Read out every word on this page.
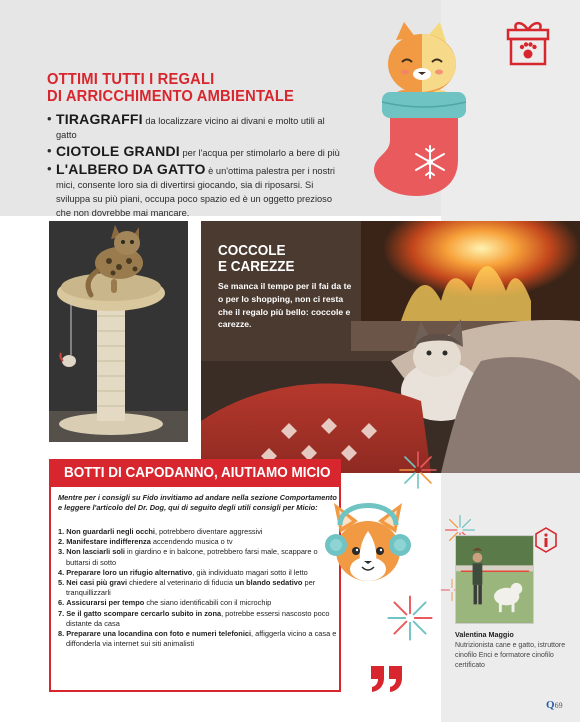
OTTIMI TUTTI I REGALI
DI ARRICCHIMENTO AMBIENTALE
• TIRAGRAFFI da localizzare vicino ai divani e molto utili al gatto
• CIOTOLE GRANDI per l'acqua per stimolarlo a bere di più
• L'ALBERO DA GATTO è un'ottima palestra per i nostri
mici, consente loro sia di divertirsi giocando, sia di riposarsi. Si sviluppa su più piani, occupa poco spazio ed è un oggetto prezioso che non dovrebbe mai mancare.
COCCOLE
E CAREZZE
Se manca il tempo per il fai da te o per lo shopping, non ci resta che il regalo più bello: coccole e carezze.
BOTTI DI CAPODANNO, AIUTIAMO MICIO
Mentre per i consigli su Fido invitiamo ad andare nella sezione Comportamento e leggere l'articolo del Dr. Dog, qui di seguito degli utili consigli per Micio:
1. Non guardarli negli occhi, potrebbero diventare aggressivi
2. Manifestare indifferenza accendendo musica o tv
3. Non lasciarli soli in giardino e in balcone, potrebbero farsi male, scappare o buttarsi di sotto
4. Preparare loro un rifugio alternativo, già individuato magari sotto il letto
5. Nei casi più gravi chiedere al veterinario di fiducia un blando sedativo per tranquillizzarli
6. Assicurarsi per tempo che siano identificabili con il microchip
7. Se il gatto scompare cercarlo subito in zona, potrebbe essersi nascosto poco distante da casa
8. Preparare una locandina con foto e numeri telefonici, affiggerla vicino a casa e diffonderla via internet sui siti animalisti
Valentina Maggio
Nutrizionista cane e gatto, istruttore cinofilo Enci e formatore cinofilo certificato
Q69
